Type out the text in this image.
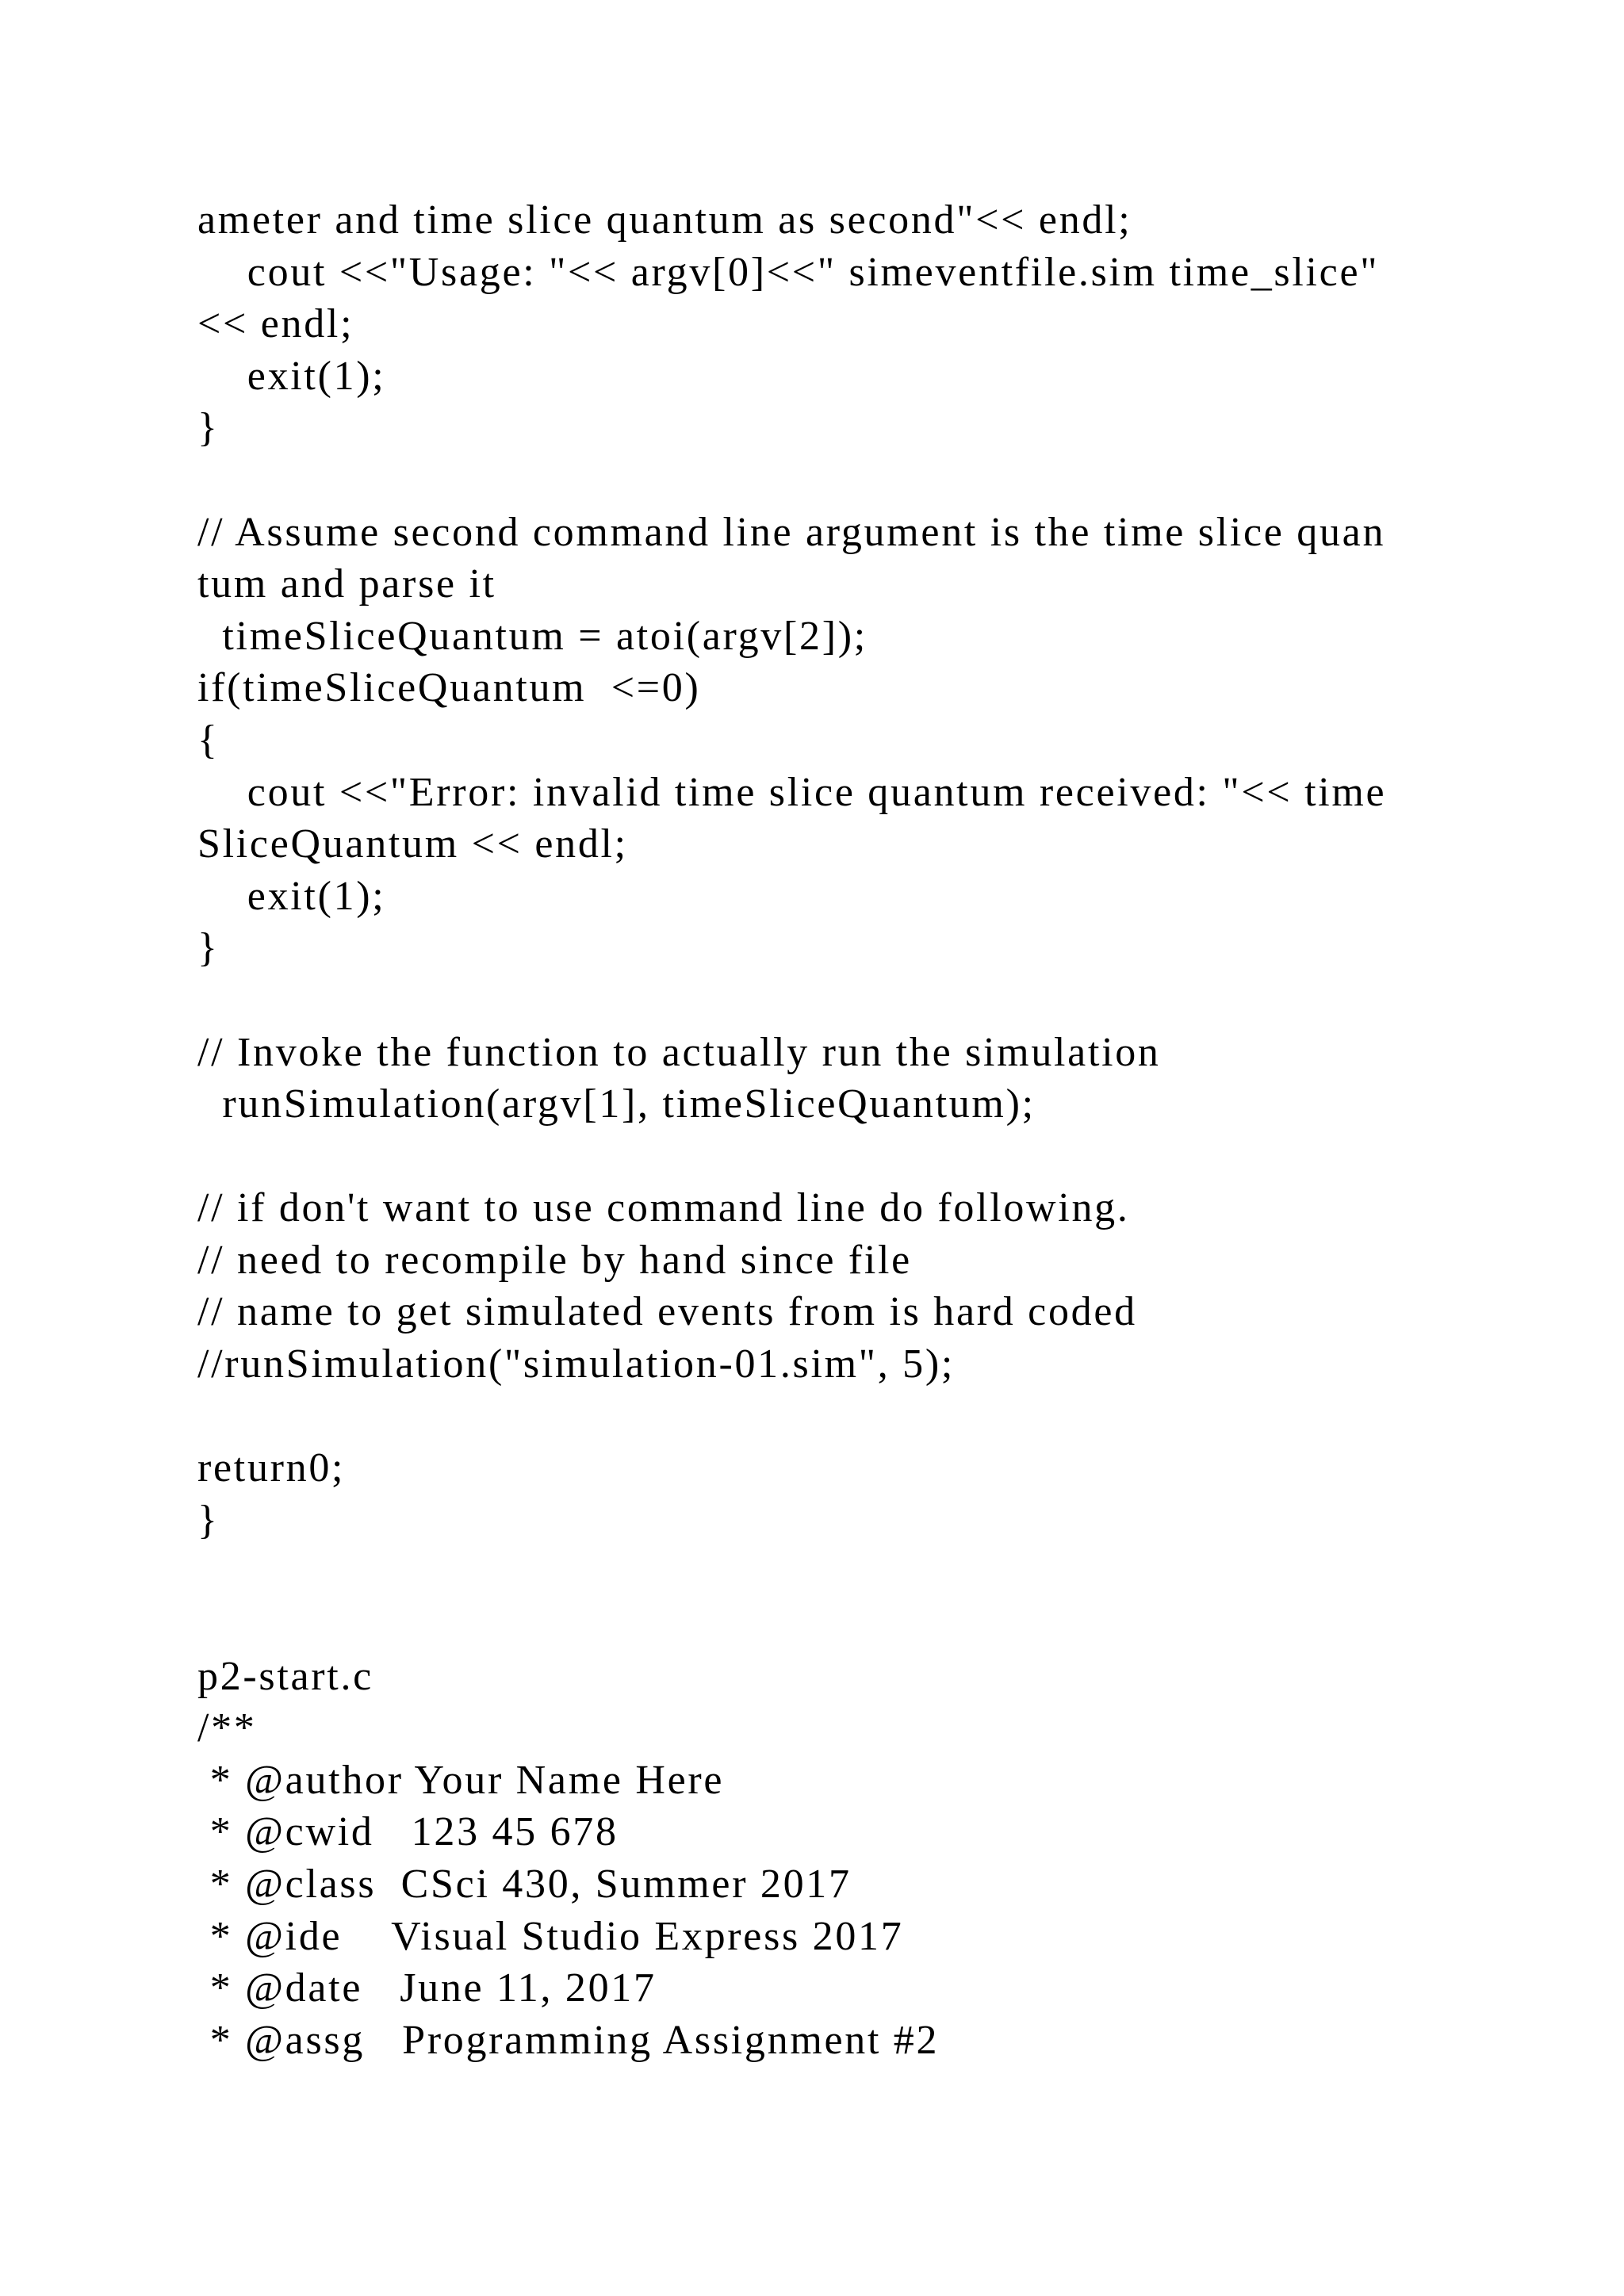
ameter and time slice quantum as second"<< endl;
cout <<"Usage: "<< argv[0]<<" simeventfile.sim time_slice"
<< endl;
exit(1);
}
// Assume second command line argument is the time slice quan
tum and parse it
timeSliceQuantum = atoi(argv[2]);
if(timeSliceQuantum  <=0)
{
cout <<"Error: invalid time slice quantum received: "<< time
SliceQuantum << endl;
exit(1);
}
// Invoke the function to actually run the simulation
runSimulation(argv[1], timeSliceQuantum);
// if don't want to use command line do following.
// need to recompile by hand since file
// name to get simulated events from is hard coded
//runSimulation("simulation-01.sim", 5);
return0;
}
p2-start.c
/**
* @author Your Name Here
* @cwid   123 45 678
* @class  CSci 430, Summer 2017
* @ide    Visual Studio Express 2017
* @date   June 11, 2017
* @assg   Programming Assignment #2
